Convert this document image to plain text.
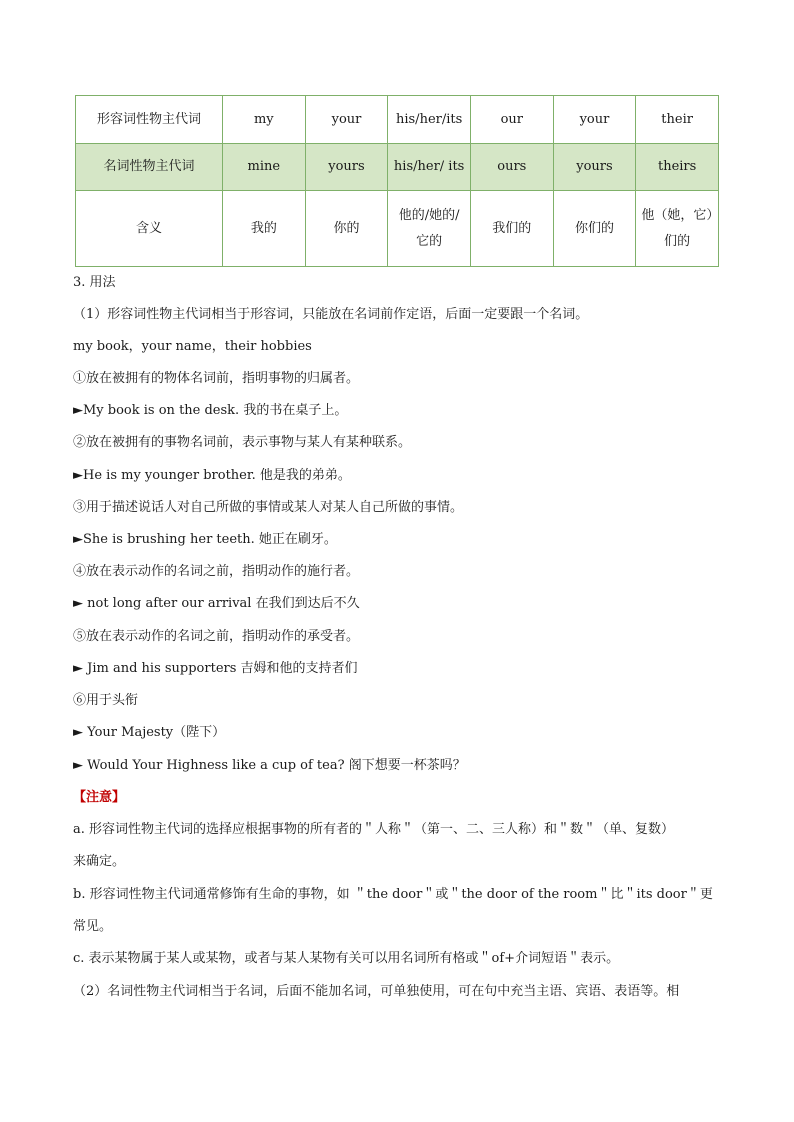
形容词性物主代词	my	your	his/her/its	our	your	their
名词性物主代词	mine	yours	his/her/ its	ours	yours	theirs
含义	我的	你的	他的/她的/它的	我们的	你们的	他（她，它）们的
3. 用法
（1）形容词性物主代词相当于形容词，只能放在名词前作定语，后面一定要跟一个名词。
my book，your name，their hobbies
①放在被拥有的物体名词前，指明事物的归属者。
►My book is on the desk. 我的书在桌子上。
②放在被拥有的事物名词前，表示事物与某人有某种联系。
►He is my younger brother. 他是我的弟弟。
③用于描述说话人对自己所做的事情或某人对某人自己所做的事情。
►She is brushing her teeth. 她正在刷牙。
④放在表示动作的名词之前，指明动作的施行者。
► not long after our arrival 在我们到达后不久
⑤放在表示动作的名词之前，指明动作的承受者。
► Jim and his supporters 吉姆和他的支持者们
⑥用于头衔
► Your Majesty（陛下）
► Would Your Highness like a cup of tea? 阁下想要一杯茶吗？
【注意】
a. 形容词性物主代词的选择应根据事物的所有者的＂人称＂（第一、二、三人称）和＂数＂（单、复数）
来确定。
b. 形容词性物主代词通常修饰有生命的事物，如 ＂the door＂或＂the door of the room＂比＂its door＂更
常见。
c. 表示某物属于某人或某物，或者与某人某物有关可以用名词所有格或＂of+介词短语＂表示。
（2）名词性物主代词相当于名词，后面不能加名词，可单独使用，可在句中充当主语、宾语、表语等。相
